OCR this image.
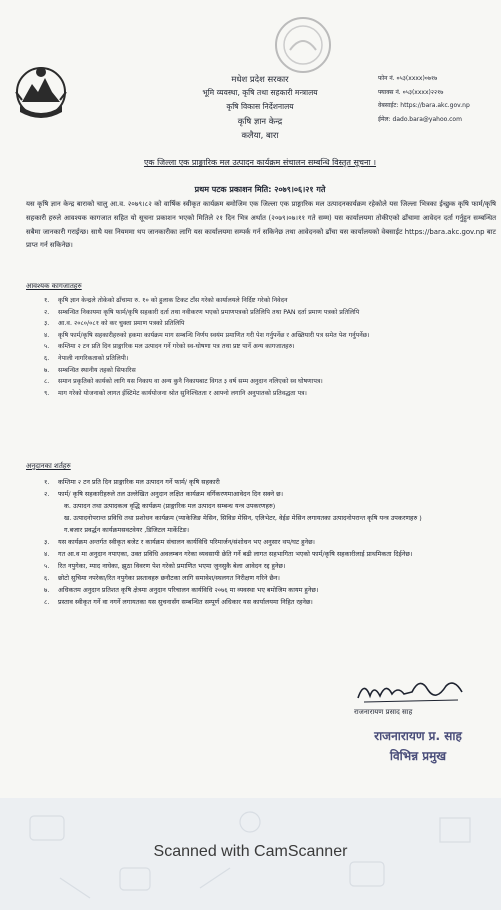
मधेश प्रदेश सरकार
भूमि व्यवस्था, कृषि तथा सहकारी मन्त्रालय
कृषि विकास निर्देशनालय
कृषि ज्ञान केन्द्र
कलैया, बारा
फोन नं. ०५३(xxxx)०७१७
फ्याक्स नं. ०५३(xxxx)२२१७
वेबसाईट: https://bara.akc.gov.np
ईमेल: dado.bara@yahoo.com
एक जिल्ला एक प्राङ्गारिक मल उत्पादन कार्यक्रम संचालन सम्बन्धि विस्तृत सूचना ।
प्रथम पटक प्रकाशन मिति: २०७९।०६।२१ गते
यस कृषि ज्ञान केन्द्र बाराको चालु आ.व. २०७९।८२ को वार्षिक स्वीकृत कार्यक्रम बमोजिम एक जिल्ला एक प्राङ्गारिक मल उत्पादनकार्यक्रम रहेकोले यस जिल्ला भित्रका ईच्छुक कृषि फार्म/कृषि सहकारी हरुले आवश्यक कागजात सहित यो सूचना प्रकाशन भएको मितिले २१ दिन भित्र अर्थात (२०७९।०७।११ गते सम्म) यस कार्यालयमा तोकीएको ढाँचामा आवेदन दर्ता गर्नुहुन सम्बन्धित सबैमा जानकारी गराईन्छ। साथै यस नियममा थप जानकारीका लागि यस कार्यालयमा सम्पर्क गर्न सकिनेछ तथा आवेदनको ढाँचा यस कार्यालयको वेबसाईट https://bara.akc.gov.np बाट प्राप्त गर्न सकिनेछ।
आवश्यक कागजातहरु
१.	कृषि ज्ञान केन्द्रले तोकेको ढाँचामा रु. १० को हुलाक टिकट टाँस गरेको कार्यालयले निर्दिष्ट गरेको निवेदन
२.	सम्बन्धित निकायमा कृषि फार्म/कृषि सहकारी दर्ता तथा नवीकरण भएको प्रमाणपत्रको प्रतिलिपि तथा PAN दर्ता प्रमाण पत्रको प्रतिलिपि
३.	आ.व. २०८०/०८१ को कर चुक्ता प्रमाण पत्रको प्रतिलिपि
४.	कृषि फार्म/कृषि सहकारीहरुको हकमा कार्यक्रम माग सम्बन्धि निर्णय स्वयंम प्रमाणित गरी पेश गर्नुपर्नेछ र अख्तियारी पत्र समेत पेश गर्नुपर्नेछ।
५.	कम्तिमा २ टन प्रति दिन प्राङ्गारिक मल उत्पादन गर्ने गरेको स्व-घोषणा पत्र तथा प्रष्ट पार्ने अन्य कागजातहरु।
६.	नेपाली नागरिकताको प्रतिलिपी।
७.	सम्बन्धित स्थानीय तहको सिफारिस
८.	समान प्रकृतिको कार्यको लागि यस निकाय वा अन्य कुनै निकायबाट विगत ३ वर्ष सम्म अनुदान नलिएको स्व घोषणापत्र।
९.	माग गरेको योजनाको लागत ईस्टिमेट कार्ययोजना श्रोत सुनिश्चितता र आफ्नो लगानि अनुपातको प्रतिवद्धता पत्र।
अनुदानका शर्तहरु
१.	कम्तिमा २ टन प्रति दिन प्राङ्गारिक मल उत्पादन गर्ने फार्म/ कृषि सहकारी
२.	फार्म/ कृषि सहकारीहरुले तल उल्लेखित अनुदान लक्षित कार्यक्रम वर्गिकरणमाआवेदन दिन सक्ने छ।
क. उत्पादन तथा उत्पादकत्व वृद्धि कार्यक्रम (प्राङ्गारिक मल उत्पादन सम्बन्ध यन्त्र उपकरणहरु)
ख. उत्पादनोपरान्त प्रविधि तथा प्रशोधन कार्यक्रम (प्याकेजिङ मेसिन, सिविङ मेसिन, एलिभेटर, वेईङ मेसिन लगायतका उत्पादनोपरान्त कृषि यन्त्र उपकरणहरु )
ग.बजार प्रवर्द्धन कार्यक्रमसवटवेयर ,डिजिटल मार्केटिङ।
३.	यस कार्यक्रम अन्तर्गत स्वीकृत बजेट र कार्यक्रम संचालन कार्यविधि परिमार्जन/संशोधन भए अनुसार थप/घट हुनेछ।
४.	गत आ.व मा अनुदान नपाएका, उक्त प्रविधि अवलम्बन गरेका व्यवसायी छेति गर्ने बढी लागत सहभागिता भएको फार्म/कृषि सहकारीलाई प्राथमिकता दिईनेछ।
५.	रित नपुगेका, म्याद नाघेका, झुठा विवरण पेश गरेको प्रमाणित भएमा जुनसुकै बेला आवेदन रद्द हुनेछ।
६.	छोटो सुचिमा नपरेका/रित नपुगेका प्रस्तावहरु छनौटका लागि समावेश/स्थलगत निरीक्षण गरिने छैन।
७.	अधिकतम अनुदान प्रतिशत कृषि क्षेत्रमा अनुदान परिचालन कार्यविधि २०७६ मा व्यवस्था भए बमोजिम कायम हुनेछ।
८.	प्रस्ताव स्वीकृत गर्ने वा नगर्ने लगायतका यस सुचनासँग सम्बन्धित सम्पूर्ण अधिकार यस कार्यालयमा निहित रहनेछ।
राजनारायण प्रसाद साह
राजनारायण प्र. साह
विभिन्न प्रमुख
Scanned with CamScanner
